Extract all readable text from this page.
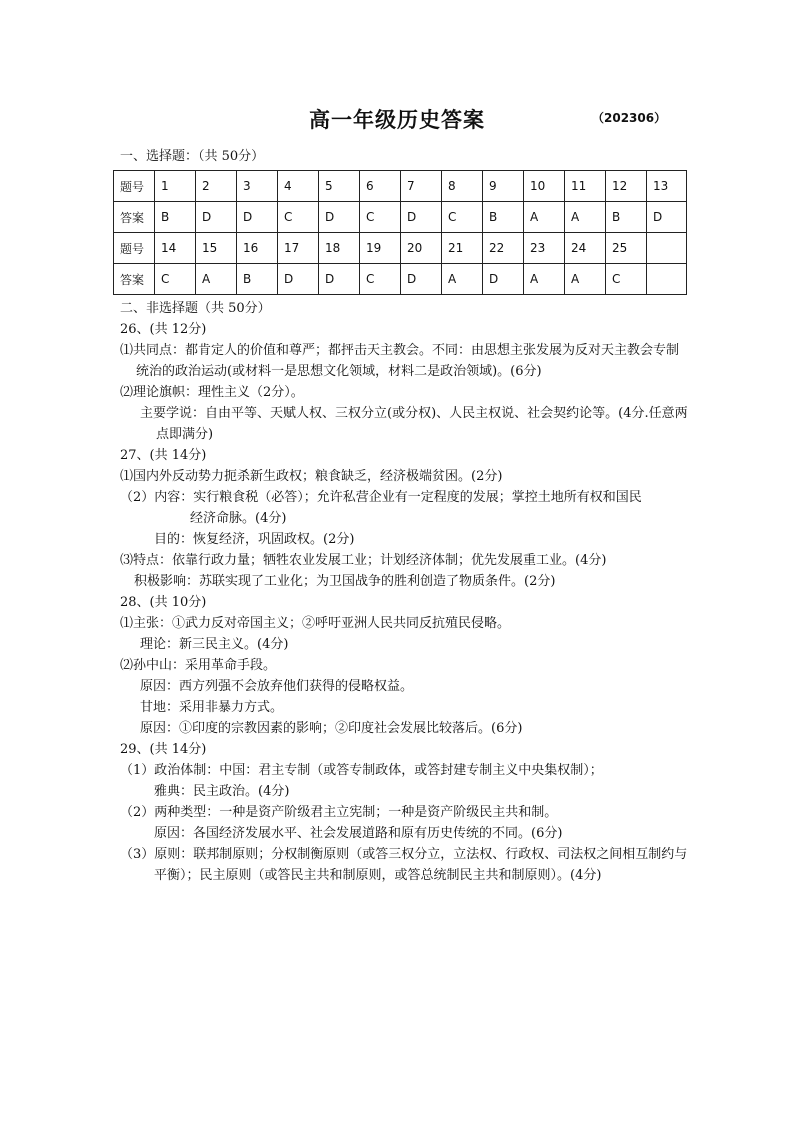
高一年级历史答案	（202306）
一、选择题：（共 50分）
题号	1	2	3	4	5	6	7	8	9	10	11	12	13
答案	B	D	D	C	D	C	D	C	B	A	A	B	D
题号	14	15	16	17	18	19	20	21	22	23	24	25	
答案	C	A	B	D	D	C	D	A	D	A	A	C	
二、非选择题（共 50分）
26、(共 12分)
⑴共同点：都肯定人的价值和尊严；都抨击天主教会。不同：由思想主张发展为反对天主教会专制统治的政治运动(或材料一是思想文化领域，材料二是政治领域)。(6分)
⑵理论旗帜：理性主义（2分）。
主要学说：自由平等、天赋人权、三权分立(或分权)、人民主权说、社会契约论等。(4分.任意两点即满分)
27、(共 14分)
⑴国内外反动势力扼杀新生政权；粮食缺乏，经济极端贫困。(2分)
（2）内容：实行粮食税（必答）；允许私营企业有一定程度的发展；掌控土地所有权和国民
经济命脉。(4分)
目的：恢复经济，巩固政权。(2分)
⑶特点：依靠行政力量；牺牲农业发展工业；计划经济体制；优先发展重工业。(4分)
积极影响：苏联实现了工业化；为卫国战争的胜利创造了物质条件。(2分)
28、(共 10分)
⑴主张：①武力反对帝国主义；②呼吁亚洲人民共同反抗殖民侵略。
理论：新三民主义。(4分)
⑵孙中山：采用革命手段。
原因：西方列强不会放弃他们获得的侵略权益。
甘地：采用非暴力方式。
原因：①印度的宗教因素的影响；②印度社会发展比较落后。(6分)
29、(共 14分)
（1）政治体制：中国：君主专制（或答专制政体，或答封建专制主义中央集权制）；
雅典：民主政治。(4分)
（2）两种类型：一种是资产阶级君主立宪制；一种是资产阶级民主共和制。
原因：各国经济发展水平、社会发展道路和原有历史传统的不同。(6分)
（3）原则：联邦制原则；分权制衡原则（或答三权分立，立法权、行政权、司法权之间相互制约与平衡）；民主原则（或答民主共和制原则，或答总统制民主共和制原则）。(4分)
